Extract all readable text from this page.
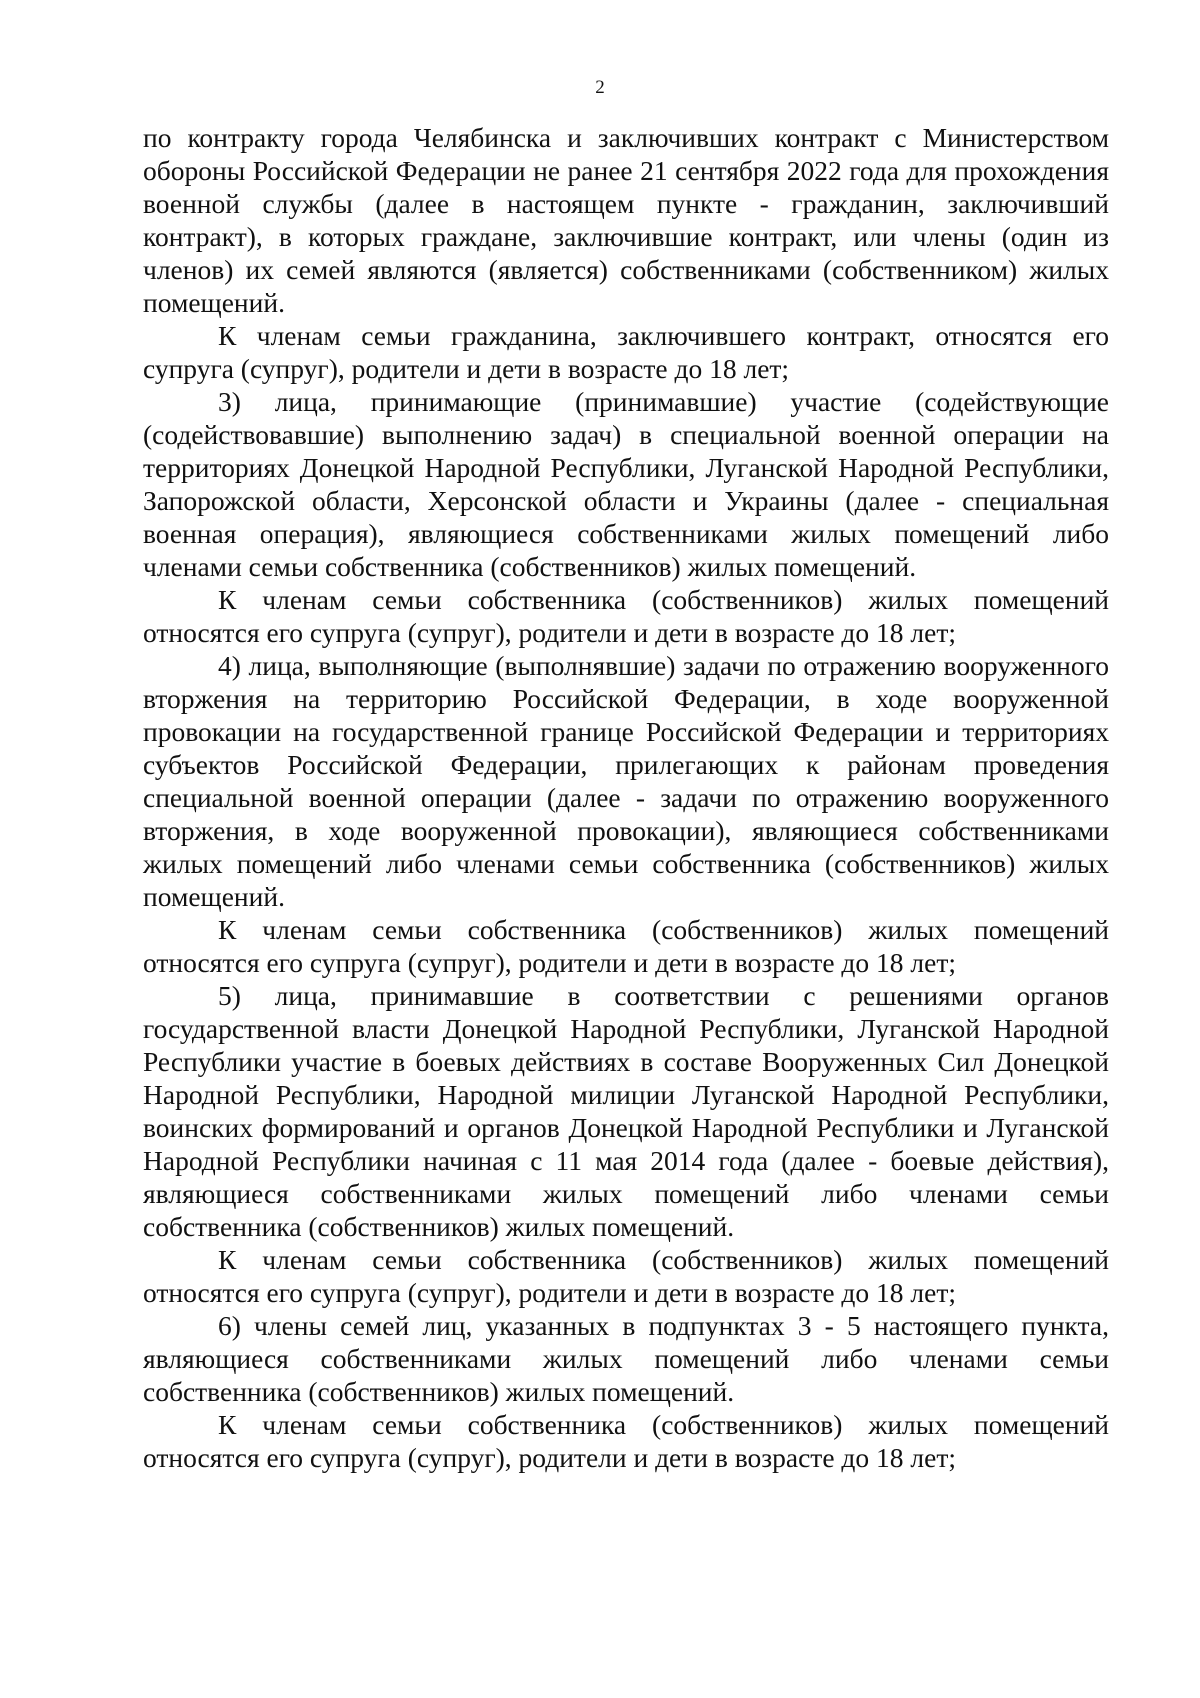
2

по контракту города Челябинска и заключивших контракт с Министерством обороны Российской Федерации не ранее 21 сентября 2022 года для прохождения военной службы (далее в настоящем пункте - гражданин, заключивший контракт), в которых граждане, заключившие контракт, или члены (один из членов) их семей являются (является) собственниками (собственником) жилых помещений.

К членам семьи гражданина, заключившего контракт, относятся его супруга (супруг), родители и дети в возрасте до 18 лет;

3) лица, принимающие (принимавшие) участие (содействующие (содействовавшие) выполнению задач) в специальной военной операции на территориях Донецкой Народной Республики, Луганской Народной Республики, Запорожской области, Херсонской области и Украины (далее - специальная военная операция), являющиеся собственниками жилых помещений либо членами семьи собственника (собственников) жилых помещений.

К членам семьи собственника (собственников) жилых помещений относятся его супруга (супруг), родители и дети в возрасте до 18 лет;

4) лица, выполняющие (выполнявшие) задачи по отражению вооруженного вторжения на территорию Российской Федерации, в ходе вооруженной провокации на государственной границе Российской Федерации и территориях субъектов Российской Федерации, прилегающих к районам проведения специальной военной операции (далее - задачи по отражению вооруженного вторжения, в ходе вооруженной провокации), являющиеся собственниками жилых помещений либо членами семьи собственника (собственников) жилых помещений.

К членам семьи собственника (собственников) жилых помещений относятся его супруга (супруг), родители и дети в возрасте до 18 лет;

5) лица, принимавшие в соответствии с решениями органов государственной власти Донецкой Народной Республики, Луганской Народной Республики участие в боевых действиях в составе Вооруженных Сил Донецкой Народной Республики, Народной милиции Луганской Народной Республики, воинских формирований и органов Донецкой Народной Республики и Луганской Народной Республики начиная с 11 мая 2014 года (далее - боевые действия), являющиеся собственниками жилых помещений либо членами семьи собственника (собственников) жилых помещений.

К членам семьи собственника (собственников) жилых помещений относятся его супруга (супруг), родители и дети в возрасте до 18 лет;

6) члены семей лиц, указанных в подпунктах 3 - 5 настоящего пункта, являющиеся собственниками жилых помещений либо членами семьи собственника (собственников) жилых помещений.

К членам семьи собственника (собственников) жилых помещений относятся его супруга (супруг), родители и дети в возрасте до 18 лет;
